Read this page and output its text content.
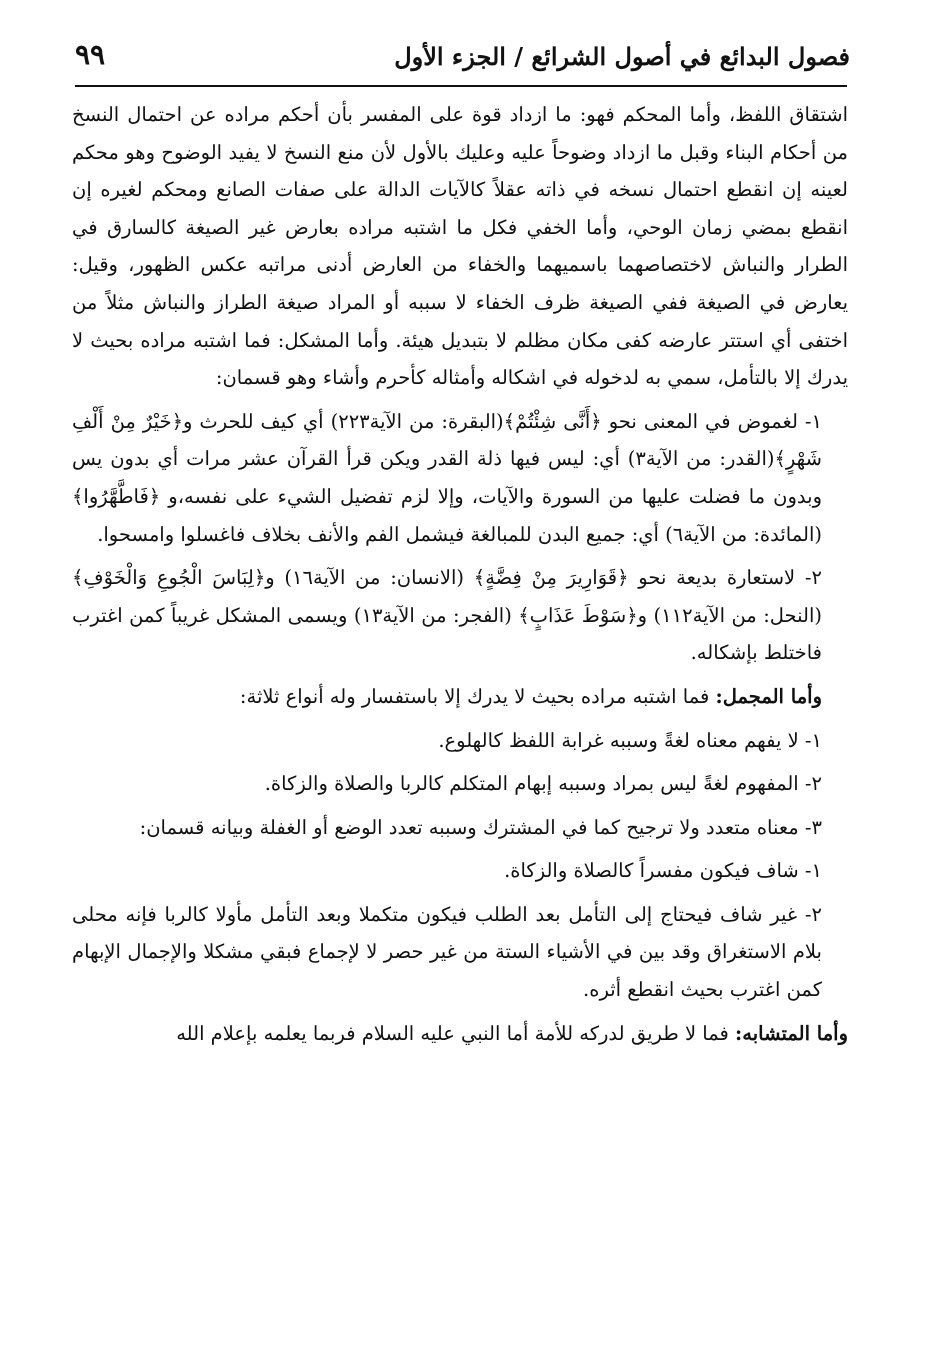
فصول البدائع في أصول الشرائع / الجزء الأول
٩٩

اشتقاق اللفظ، وأما المحكم فهو: ما ازداد قوة على المفسر بأن أحكم مراده عن احتمال النسخ من أحكام البناء وقبل ما ازداد وضوحاً عليه وعليك بالأول لأن منع النسخ لا يفيد الوضوح وهو محكم لعينه إن انقطع احتمال نسخه في ذاته عقلاً كالآيات الدالة على صفات الصانع ومحكم لغيره إن انقطع بمضي زمان الوحي، وأما الخفي فكل ما اشتبه مراده بعارض غير الصيغة كالسارق في الطرار والنباش لاختصاصهما باسميهما والخفاء من العارض أدنى مراتبه عكس الظهور، وقيل: يعارض في الصيغة ففي الصيغة ظرف الخفاء لا سببه أو المراد صيغة الطراز والنباش مثلاً من اختفى أي استتر عارضه كفى مكان مظلم لا بتبديل هيئة. وأما المشكل: فما اشتبه مراده بحيث لا يدرك إلا بالتأمل، سمي به لدخوله في اشكاله وأمثاله كأحرم وأشاء وهو قسمان:

١- لغموض في المعنى نحو ﴿أَنَّى شِئْتُمْ﴾(البقرة: من الآية٢٢٣) أي كيف للحرث و﴿خَيْرٌ مِنْ أَلْفِ شَهْرٍ﴾(القدر: من الآية٣) أي: ليس فيها ذلة القدر ويكن قرأ القرآن عشر مرات أي بدون يس وبدون ما فضلت عليها من السورة والآيات، وإلا لزم تفضيل الشيء على نفسه،و ﴿فَاطَّهَّرُوا﴾ (المائدة: من الآية٦) أي: جميع البدن للمبالغة فيشمل الفم والأنف بخلاف فاغسلوا وامسحوا.

٢- لاستعارة بديعة نحو ﴿قَوَارِيرَ مِنْ فِضَّةٍ﴾ (الانسان: من الآية١٦) و﴿لِبَاسَ الْجُوعِ وَالْخَوْفِ﴾ (النحل: من الآية١١٢) و﴿سَوْطَ عَذَابٍ﴾ (الفجر: من الآية١٣) ويسمى المشكل غريباً كمن اغترب فاختلط بإشكاله.

وأما المجمل: فما اشتبه مراده بحيث لا يدرك إلا باستفسار وله أنواع ثلاثة:

١- لا يفهم معناه لغةً وسببه غرابة اللفظ كالهلوع.

٢- المفهوم لغةً ليس بمراد وسببه إبهام المتكلم كالربا والصلاة والزكاة.

٣- معناه متعدد ولا ترجيح كما في المشترك وسببه تعدد الوضع أو الغفلة وبيانه قسمان:

١- شاف فيكون مفسراً كالصلاة والزكاة.

٢- غير شاف فيحتاج إلى التأمل بعد الطلب فيكون متكملا وبعد التأمل مأولا كالربا فإنه محلى بلام الاستغراق وقد بين في الأشياء الستة من غير حصر لا لإجماع فبقي مشكلا والإجمال الإبهام كمن اغترب بحيث انقطع أثره.

وأما المتشابه: فما لا طريق لدركه للأمة أما النبي عليه السلام فربما يعلمه بإعلام الله
